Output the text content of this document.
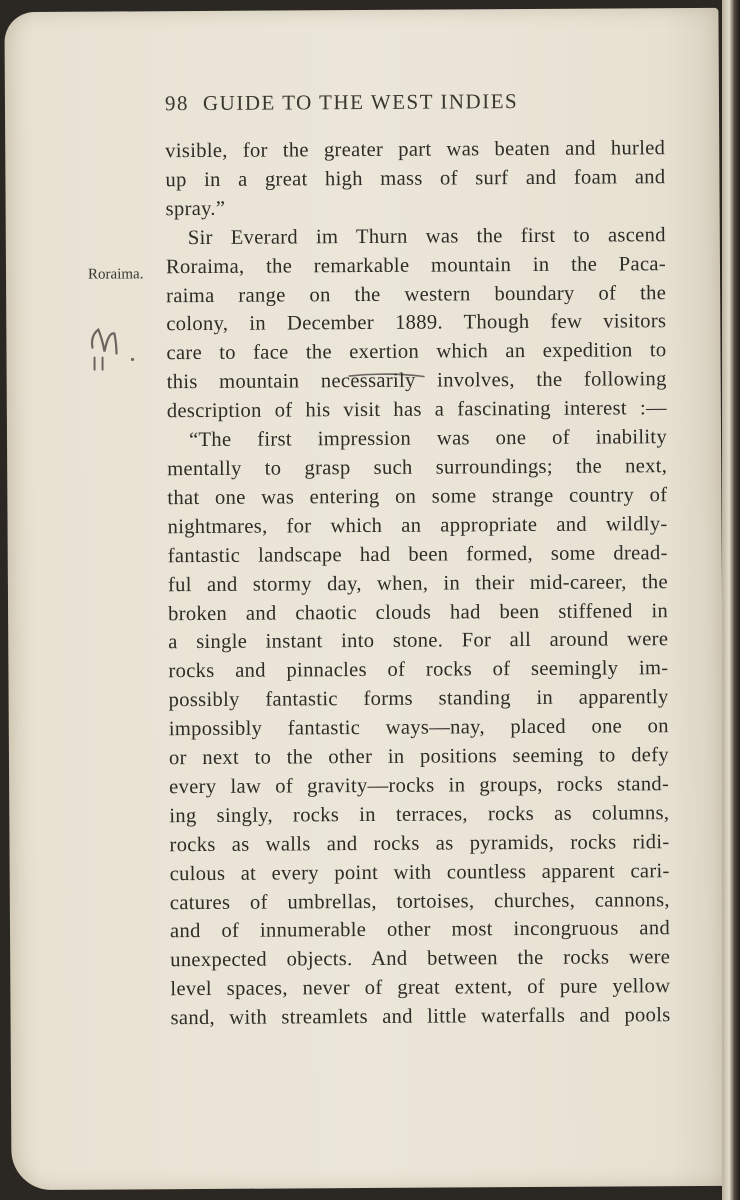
98 GUIDE TO THE WEST INDIES
Roraima.
visible, for the greater part was beaten and hurled
up in a great high mass of surf and foam and
spray.”
Sir Everard im Thurn was the first to ascend
Roraima, the remarkable mountain in the Paca-
raima range on the western boundary of the
colony, in December 1889. Though few visitors
care to face the exertion which an expedition to
this mountain necessarily involves, the following
description of his visit has a fascinating interest :—
“The first impression was one of inability
mentally to grasp such surroundings; the next,
that one was entering on some strange country of
nightmares, for which an appropriate and wildly-
fantastic landscape had been formed, some dread-
ful and stormy day, when, in their mid-career, the
broken and chaotic clouds had been stiffened in
a single instant into stone. For all around were
rocks and pinnacles of rocks of seemingly im-
possibly fantastic forms standing in apparently
impossibly fantastic ways—nay, placed one on
or next to the other in positions seeming to defy
every law of gravity—rocks in groups, rocks stand-
ing singly, rocks in terraces, rocks as columns,
rocks as walls and rocks as pyramids, rocks ridi-
culous at every point with countless apparent cari-
catures of umbrellas, tortoises, churches, cannons,
and of innumerable other most incongruous and
unexpected objects. And between the rocks were
level spaces, never of great extent, of pure yellow
sand, with streamlets and little waterfalls and pools
